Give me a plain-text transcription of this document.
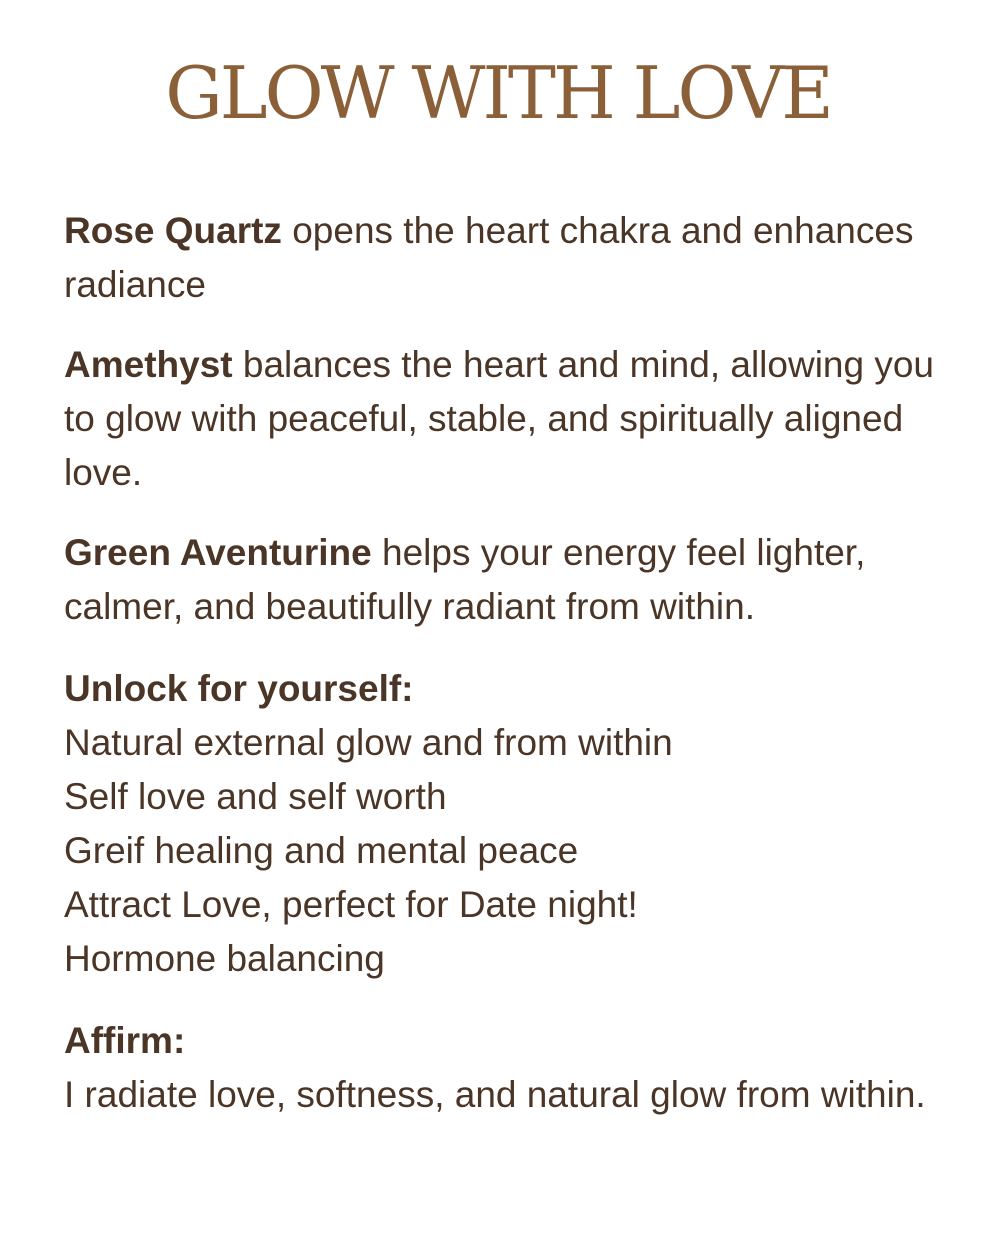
GLOW WITH LOVE

Rose Quartz opens the heart chakra and enhances radiance

Amethyst balances the heart and mind, allowing you to glow with peaceful, stable, and spiritually aligned love.

Green Aventurine helps your energy feel lighter, calmer, and beautifully radiant from within.

Unlock for yourself:

Natural external glow and from within
Self love and self worth
Greif healing and mental peace
Attract Love, perfect for Date night!
Hormone balancing

Affirm:

I radiate love, softness, and natural glow from within.
